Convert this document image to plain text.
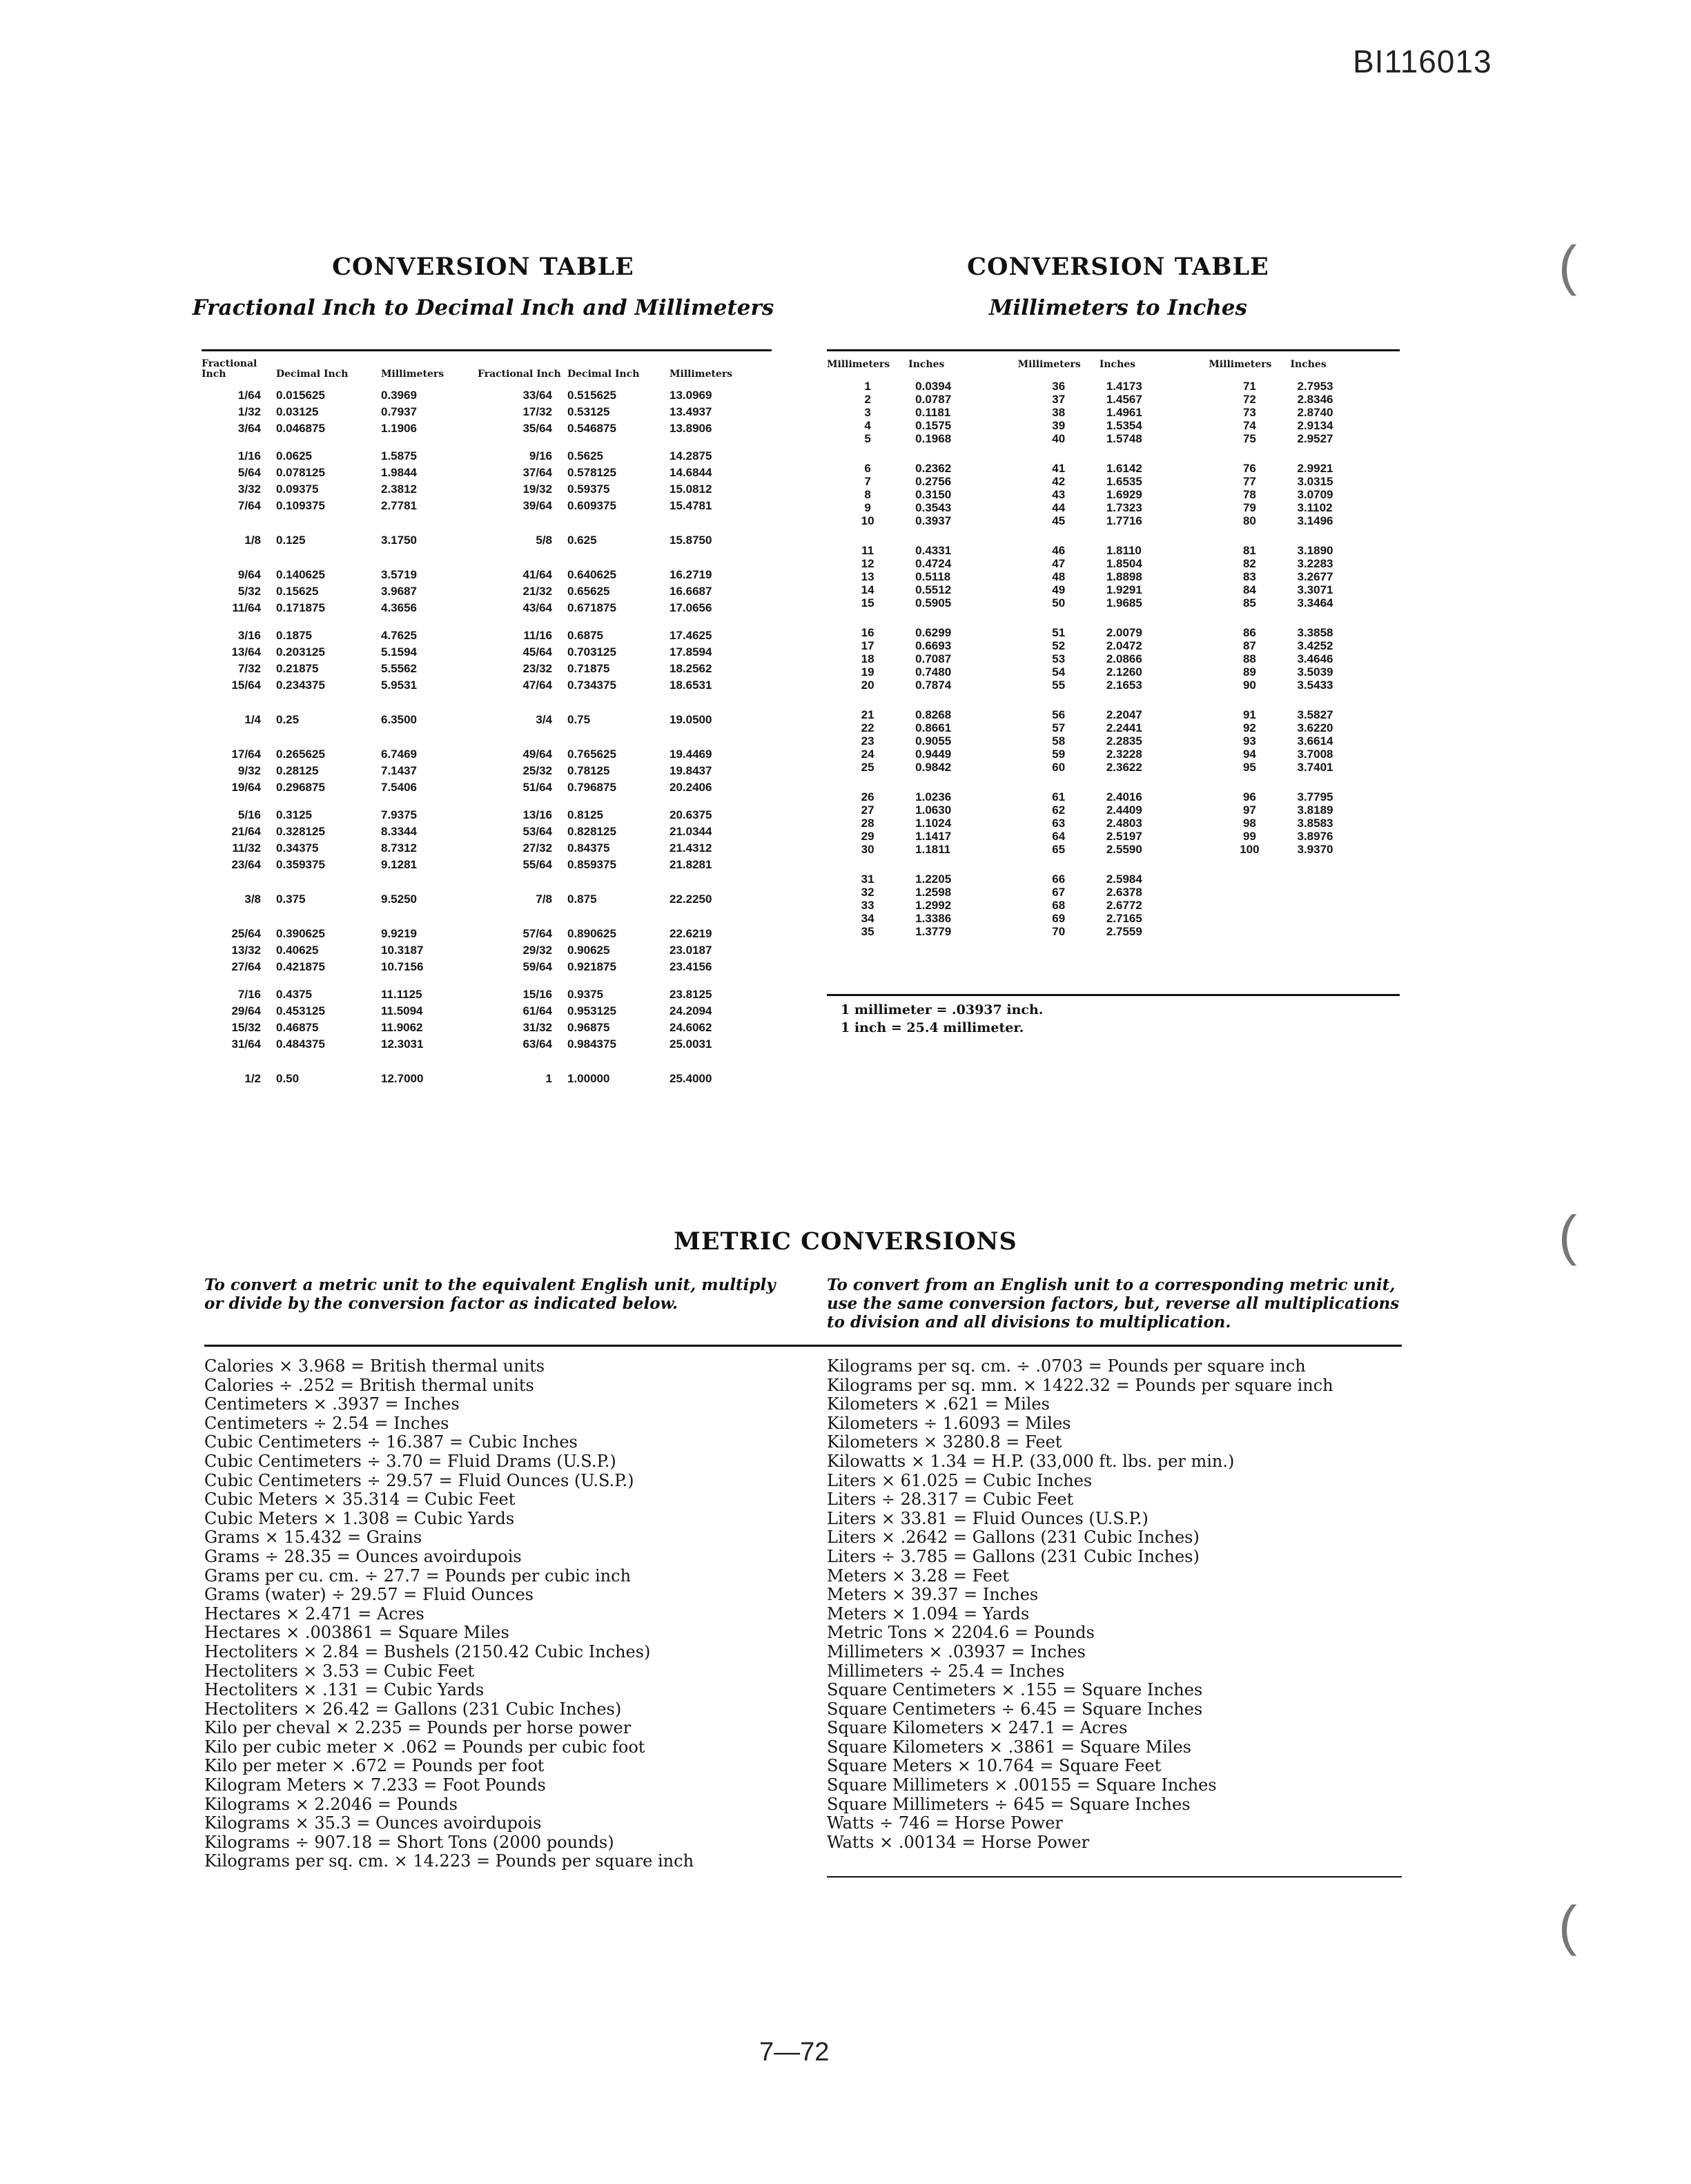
BI116013
(
(
(
CONVERSION TABLE
Fractional Inch to Decimal Inch and Millimeters
Fractional Inch	Decimal Inch	Millimeters	Fractional Inch	Decimal Inch	Millimeters
1/64	0.015625	0.3969	33/64	0.515625	13.0969
1/32	0.03125	0.7937	17/32	0.53125	13.4937
3/64	0.046875	1.1906	35/64	0.546875	13.8906
1/16	0.0625	1.5875	9/16	0.5625	14.2875
5/64	0.078125	1.9844	37/64	0.578125	14.6844
3/32	0.09375	2.3812	19/32	0.59375	15.0812
7/64	0.109375	2.7781	39/64	0.609375	15.4781
1/8	0.125	3.1750	5/8	0.625	15.8750
9/64	0.140625	3.5719	41/64	0.640625	16.2719
5/32	0.15625	3.9687	21/32	0.65625	16.6687
11/64	0.171875	4.3656	43/64	0.671875	17.0656
3/16	0.1875	4.7625	11/16	0.6875	17.4625
13/64	0.203125	5.1594	45/64	0.703125	17.8594
7/32	0.21875	5.5562	23/32	0.71875	18.2562
15/64	0.234375	5.9531	47/64	0.734375	18.6531
1/4	0.25	6.3500	3/4	0.75	19.0500
17/64	0.265625	6.7469	49/64	0.765625	19.4469
9/32	0.28125	7.1437	25/32	0.78125	19.8437
19/64	0.296875	7.5406	51/64	0.796875	20.2406
5/16	0.3125	7.9375	13/16	0.8125	20.6375
21/64	0.328125	8.3344	53/64	0.828125	21.0344
11/32	0.34375	8.7312	27/32	0.84375	21.4312
23/64	0.359375	9.1281	55/64	0.859375	21.8281
3/8	0.375	9.5250	7/8	0.875	22.2250
25/64	0.390625	9.9219	57/64	0.890625	22.6219
13/32	0.40625	10.3187	29/32	0.90625	23.0187
27/64	0.421875	10.7156	59/64	0.921875	23.4156
7/16	0.4375	11.1125	15/16	0.9375	23.8125
29/64	0.453125	11.5094	61/64	0.953125	24.2094
15/32	0.46875	11.9062	31/32	0.96875	24.6062
31/64	0.484375	12.3031	63/64	0.984375	25.0031
1/2	0.50	12.7000	1	1.00000	25.4000
CONVERSION TABLE
Millimeters to Inches
Millimeters	Inches	Millimeters	Inches	Millimeters	Inches
1	0.0394	36	1.4173	71	2.7953
2	0.0787	37	1.4567	72	2.8346
3	0.1181	38	1.4961	73	2.8740
4	0.1575	39	1.5354	74	2.9134
5	0.1968	40	1.5748	75	2.9527
6	0.2362	41	1.6142	76	2.9921
7	0.2756	42	1.6535	77	3.0315
8	0.3150	43	1.6929	78	3.0709
9	0.3543	44	1.7323	79	3.1102
10	0.3937	45	1.7716	80	3.1496
11	0.4331	46	1.8110	81	3.1890
12	0.4724	47	1.8504	82	3.2283
13	0.5118	48	1.8898	83	3.2677
14	0.5512	49	1.9291	84	3.3071
15	0.5905	50	1.9685	85	3.3464
16	0.6299	51	2.0079	86	3.3858
17	0.6693	52	2.0472	87	3.4252
18	0.7087	53	2.0866	88	3.4646
19	0.7480	54	2.1260	89	3.5039
20	0.7874	55	2.1653	90	3.5433
21	0.8268	56	2.2047	91	3.5827
22	0.8661	57	2.2441	92	3.6220
23	0.9055	58	2.2835	93	3.6614
24	0.9449	59	2.3228	94	3.7008
25	0.9842	60	2.3622	95	3.7401
26	1.0236	61	2.4016	96	3.7795
27	1.0630	62	2.4409	97	3.8189
28	1.1024	63	2.4803	98	3.8583
29	1.1417	64	2.5197	99	3.8976
30	1.1811	65	2.5590	100	3.9370
31	1.2205	66	2.5984		
32	1.2598	67	2.6378		
33	1.2992	68	2.6772		
34	1.3386	69	2.7165		
35	1.3779	70	2.7559		
1 millimeter = .03937 inch.
1 inch = 25.4 millimeter.
METRIC CONVERSIONS
To convert a metric unit to the equivalent English unit, multiply or divide by the conversion factor as indicated below.
To convert from an English unit to a corresponding metric unit, use the same conversion factors, but, reverse all multiplications to division and all divisions to multiplication.
Calories × 3.968 = British thermal units
Calories ÷ .252 = British thermal units
Centimeters × .3937 = Inches
Centimeters ÷ 2.54 = Inches
Cubic Centimeters ÷ 16.387 = Cubic Inches
Cubic Centimeters ÷ 3.70 = Fluid Drams (U.S.P.)
Cubic Centimeters ÷ 29.57 = Fluid Ounces (U.S.P.)
Cubic Meters × 35.314 = Cubic Feet
Cubic Meters × 1.308 = Cubic Yards
Grams × 15.432 = Grains
Grams ÷ 28.35 = Ounces avoirdupois
Grams per cu. cm. ÷ 27.7 = Pounds per cubic inch
Grams (water) ÷ 29.57 = Fluid Ounces
Hectares × 2.471 = Acres
Hectares × .003861 = Square Miles
Hectoliters × 2.84 = Bushels (2150.42 Cubic Inches)
Hectoliters × 3.53 = Cubic Feet
Hectoliters × .131 = Cubic Yards
Hectoliters × 26.42 = Gallons (231 Cubic Inches)
Kilo per cheval × 2.235 = Pounds per horse power
Kilo per cubic meter × .062 = Pounds per cubic foot
Kilo per meter × .672 = Pounds per foot
Kilogram Meters × 7.233 = Foot Pounds
Kilograms × 2.2046 = Pounds
Kilograms × 35.3 = Ounces avoirdupois
Kilograms ÷ 907.18 = Short Tons (2000 pounds)
Kilograms per sq. cm. × 14.223 = Pounds per square inch
Kilograms per sq. cm. ÷ .0703 = Pounds per square inch
Kilograms per sq. mm. × 1422.32 = Pounds per square inch
Kilometers × .621 = Miles
Kilometers ÷ 1.6093 = Miles
Kilometers × 3280.8 = Feet
Kilowatts × 1.34 = H.P. (33,000 ft. lbs. per min.)
Liters × 61.025 = Cubic Inches
Liters ÷ 28.317 = Cubic Feet
Liters × 33.81 = Fluid Ounces (U.S.P.)
Liters × .2642 = Gallons (231 Cubic Inches)
Liters ÷ 3.785 = Gallons (231 Cubic Inches)
Meters × 3.28 = Feet
Meters × 39.37 = Inches
Meters × 1.094 = Yards
Metric Tons × 2204.6 = Pounds
Millimeters × .03937 = Inches
Millimeters ÷ 25.4 = Inches
Square Centimeters × .155 = Square Inches
Square Centimeters ÷ 6.45 = Square Inches
Square Kilometers × 247.1 = Acres
Square Kilometers × .3861 = Square Miles
Square Meters × 10.764 = Square Feet
Square Millimeters × .00155 = Square Inches
Square Millimeters ÷ 645 = Square Inches
Watts ÷ 746 = Horse Power
Watts × .00134 = Horse Power
7—72
